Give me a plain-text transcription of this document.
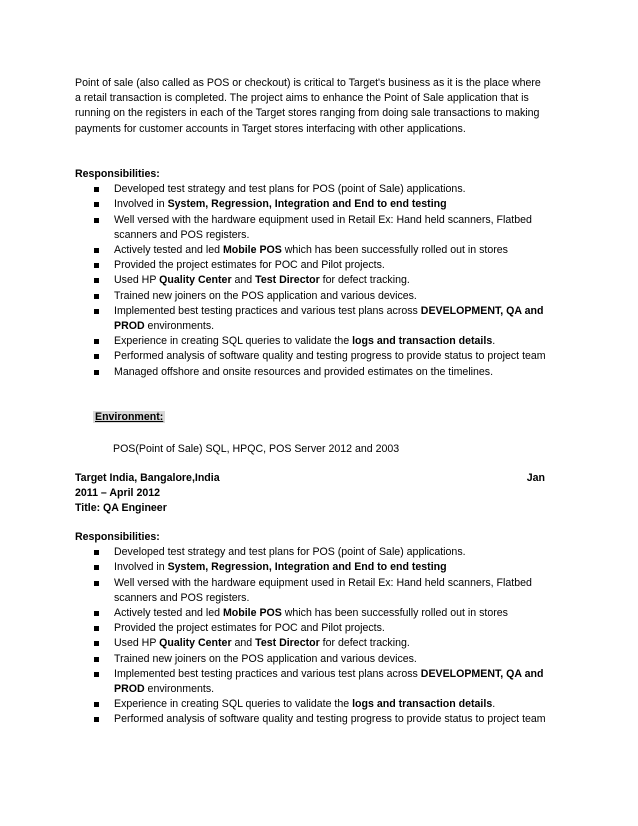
Point of sale (also called as POS or checkout) is critical to Target's business as it is the place where a retail transaction is completed. The project aims to enhance the Point of Sale application that is running on the registers in each of the Target stores ranging from doing sale transactions to making payments for customer accounts in Target stores interfacing with other applications.

Responsibilities:

Developed test strategy and test plans for POS (point of Sale) applications.
Involved in System, Regression, Integration and End to end testing
Well versed with the hardware equipment used in Retail Ex: Hand held scanners, Flatbed scanners and POS registers.
Actively tested and led Mobile POS which has been successfully rolled out in stores
Provided the project estimates for POC and Pilot projects.
Used HP Quality Center and Test Director for defect tracking.
Trained new joiners on the POS application and various devices.
Implemented best testing practices and various test plans across DEVELOPMENT, QA and PROD environments.
Experience in creating SQL queries to validate the logs and transaction details.
Performed analysis of software quality and testing progress to provide status to project team
Managed offshore and onsite resources and provided estimates on the timelines.
Environment:
POS(Point of Sale) SQL, HPQC, POS Server 2012 and 2003
Target India, Bangalore,India	Jan
2011 – April 2012
Title: QA Engineer

Responsibilities:

Developed test strategy and test plans for POS (point of Sale) applications.
Involved in System, Regression, Integration and End to end testing
Well versed with the hardware equipment used in Retail Ex: Hand held scanners, Flatbed scanners and POS registers.
Actively tested and led Mobile POS which has been successfully rolled out in stores
Provided the project estimates for POC and Pilot projects.
Used HP Quality Center and Test Director for defect tracking.
Trained new joiners on the POS application and various devices.
Implemented best testing practices and various test plans across DEVELOPMENT, QA and PROD environments.
Experience in creating SQL queries to validate the logs and transaction details.
Performed analysis of software quality and testing progress to provide status to project team
